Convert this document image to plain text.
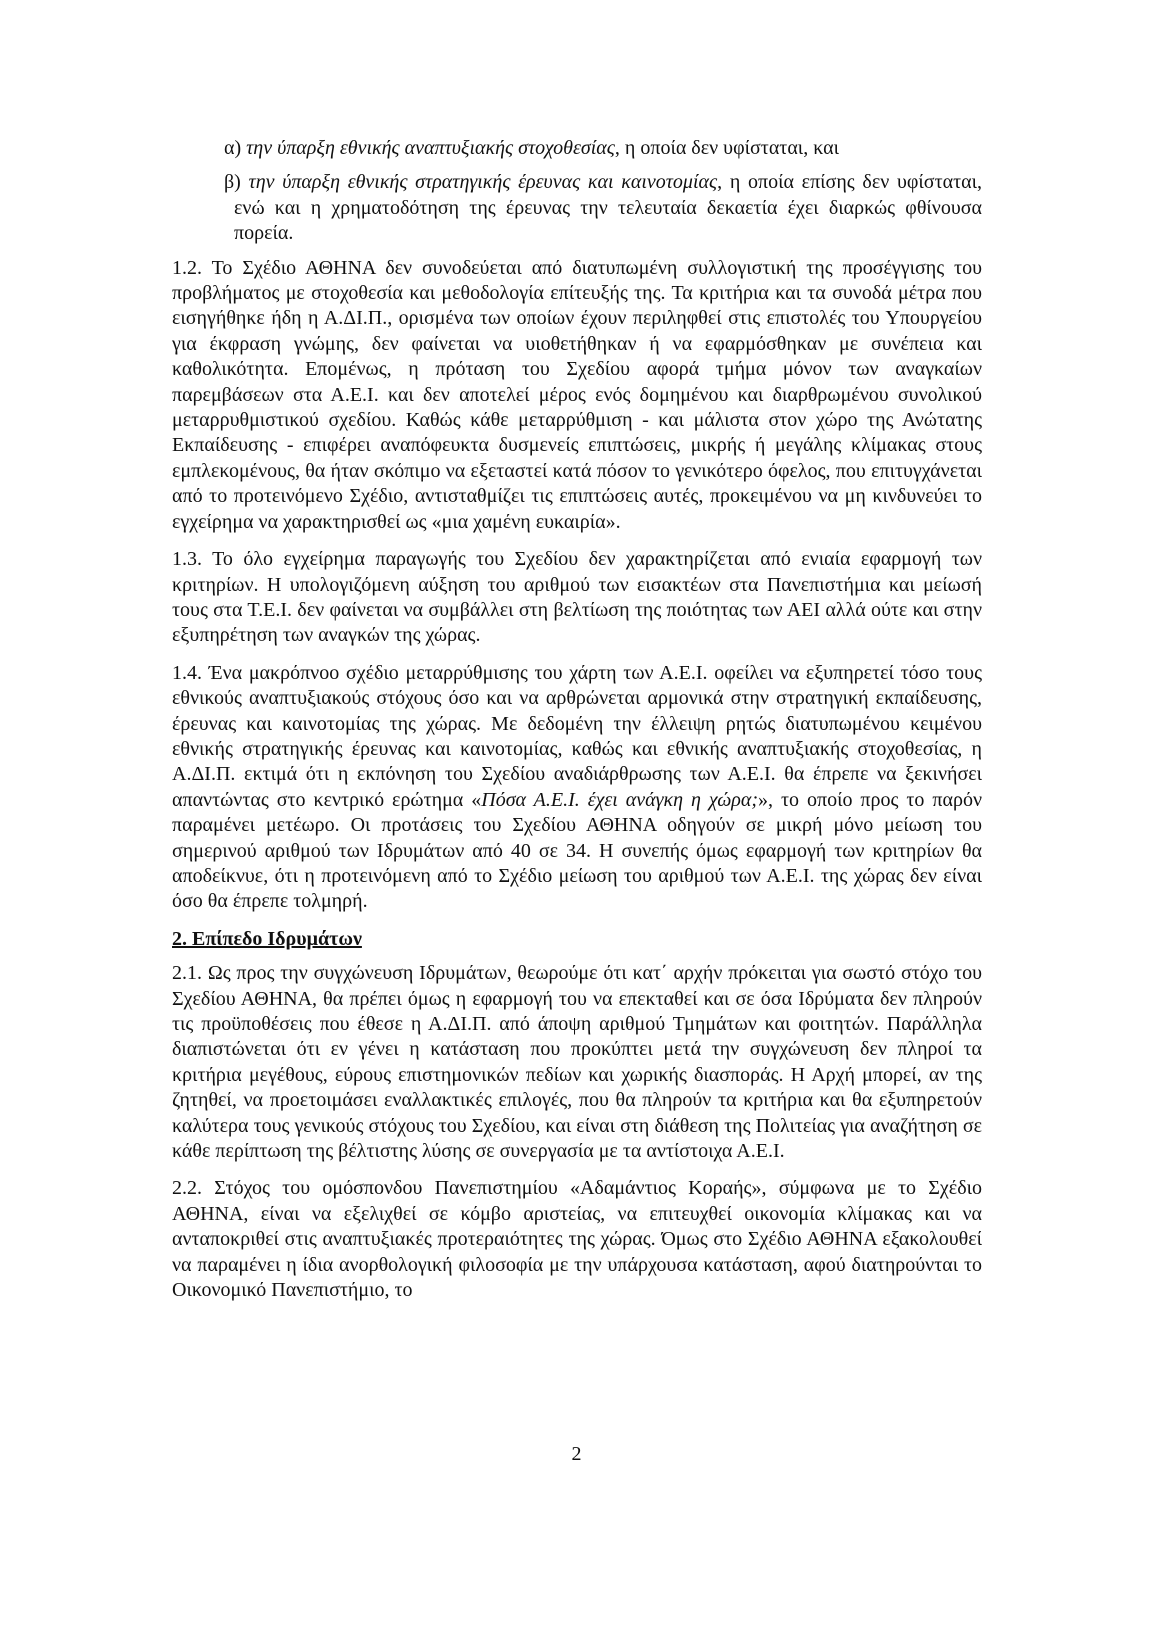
α) την ύπαρξη εθνικής αναπτυξιακής στοχοθεσίας, η οποία δεν υφίσταται, και

β) την ύπαρξη εθνικής στρατηγικής έρευνας και καινοτομίας, η οποία επίσης δεν υφίσταται, ενώ και η χρηματοδότηση της έρευνας την τελευταία δεκαετία έχει διαρκώς φθίνουσα πορεία.

1.2. Το Σχέδιο ΑΘΗΝΑ δεν συνοδεύεται από διατυπωμένη συλλογιστική της προσέγγισης του προβλήματος με στοχοθεσία και μεθοδολογία επίτευξής της. Τα κριτήρια και τα συνοδά μέτρα που εισηγήθηκε ήδη η Α.ΔΙ.Π., ορισμένα των οποίων έχουν περιληφθεί στις επιστολές του Υπουργείου για έκφραση γνώμης, δεν φαίνεται να υιοθετήθηκαν ή να εφαρμόσθηκαν με συνέπεια και καθολικότητα. Επομένως, η πρόταση του Σχεδίου αφορά τμήμα μόνον των αναγκαίων παρεμβάσεων στα Α.Ε.Ι. και δεν αποτελεί μέρος ενός δομημένου και διαρθρωμένου συνολικού μεταρρυθμιστικού σχεδίου. Καθώς κάθε μεταρρύθμιση - και μάλιστα στον χώρο της Ανώτατης Εκπαίδευσης - επιφέρει αναπόφευκτα δυσμενείς επιπτώσεις, μικρής ή μεγάλης κλίμακας στους εμπλεκομένους, θα ήταν σκόπιμο να εξεταστεί κατά πόσον το γενικότερο όφελος, που επιτυγχάνεται από το προτεινόμενο Σχέδιο, αντισταθμίζει τις επιπτώσεις αυτές, προκειμένου να μη κινδυνεύει το εγχείρημα να χαρακτηρισθεί ως «μια χαμένη ευκαιρία».

1.3. Το όλο εγχείρημα παραγωγής του Σχεδίου δεν χαρακτηρίζεται από ενιαία εφαρμογή των κριτηρίων. Η υπολογιζόμενη αύξηση του αριθμού των εισακτέων στα Πανεπιστήμια και μείωσή τους στα Τ.Ε.Ι. δεν φαίνεται να συμβάλλει στη βελτίωση της ποιότητας των ΑΕΙ αλλά ούτε και στην εξυπηρέτηση των αναγκών της χώρας.

1.4. Ένα μακρόπνοο σχέδιο μεταρρύθμισης του χάρτη των Α.Ε.Ι. οφείλει να εξυπηρετεί τόσο τους εθνικούς αναπτυξιακούς στόχους όσο και να αρθρώνεται αρμονικά στην στρατηγική εκπαίδευσης, έρευνας και καινοτομίας της χώρας. Με δεδομένη την έλλειψη ρητώς διατυπωμένου κειμένου εθνικής στρατηγικής έρευνας και καινοτομίας, καθώς και εθνικής αναπτυξιακής στοχοθεσίας, η Α.ΔΙ.Π. εκτιμά ότι η εκπόνηση του Σχεδίου αναδιάρθρωσης των Α.Ε.Ι. θα έπρεπε να ξεκινήσει απαντώντας στο κεντρικό ερώτημα «Πόσα Α.Ε.Ι. έχει ανάγκη η χώρα;», το οποίο προς το παρόν παραμένει μετέωρο. Οι προτάσεις του Σχεδίου ΑΘΗΝΑ οδηγούν σε μικρή μόνο μείωση του σημερινού αριθμού των Ιδρυμάτων από 40 σε 34. Η συνεπής όμως εφαρμογή των κριτηρίων θα αποδείκνυε, ότι η προτεινόμενη από το Σχέδιο μείωση του αριθμού των Α.Ε.Ι. της χώρας δεν είναι όσο θα έπρεπε τολμηρή.

2. Επίπεδο Ιδρυμάτων

2.1. Ως προς την συγχώνευση Ιδρυμάτων, θεωρούμε ότι κατ΄ αρχήν πρόκειται για σωστό στόχο του Σχεδίου ΑΘΗΝΑ, θα πρέπει όμως η εφαρμογή του να επεκταθεί και σε όσα Ιδρύματα δεν πληρούν τις προϋποθέσεις που έθεσε η Α.ΔΙ.Π. από άποψη αριθμού Τμημάτων και φοιτητών. Παράλληλα διαπιστώνεται ότι εν γένει η κατάσταση που προκύπτει μετά την συγχώνευση δεν πληροί τα κριτήρια μεγέθους, εύρους επιστημονικών πεδίων και χωρικής διασποράς. Η Αρχή μπορεί, αν της ζητηθεί, να προετοιμάσει εναλλακτικές επιλογές, που θα πληρούν τα κριτήρια και θα εξυπηρετούν καλύτερα τους γενικούς στόχους του Σχεδίου, και είναι στη διάθεση της Πολιτείας για αναζήτηση σε κάθε περίπτωση της βέλτιστης λύσης σε συνεργασία με τα αντίστοιχα Α.Ε.Ι.

2.2. Στόχος του ομόσπονδου Πανεπιστημίου «Αδαμάντιος Κοραής», σύμφωνα με το Σχέδιο ΑΘΗΝΑ, είναι να εξελιχθεί σε κόμβο αριστείας, να επιτευχθεί οικονομία κλίμακας και να ανταποκριθεί στις αναπτυξιακές προτεραιότητες της χώρας. Όμως στο Σχέδιο ΑΘΗΝΑ εξακολουθεί να παραμένει η ίδια ανορθολογική φιλοσοφία με την υπάρχουσα κατάσταση, αφού διατηρούνται το Οικονομικό Πανεπιστήμιο, το

2
